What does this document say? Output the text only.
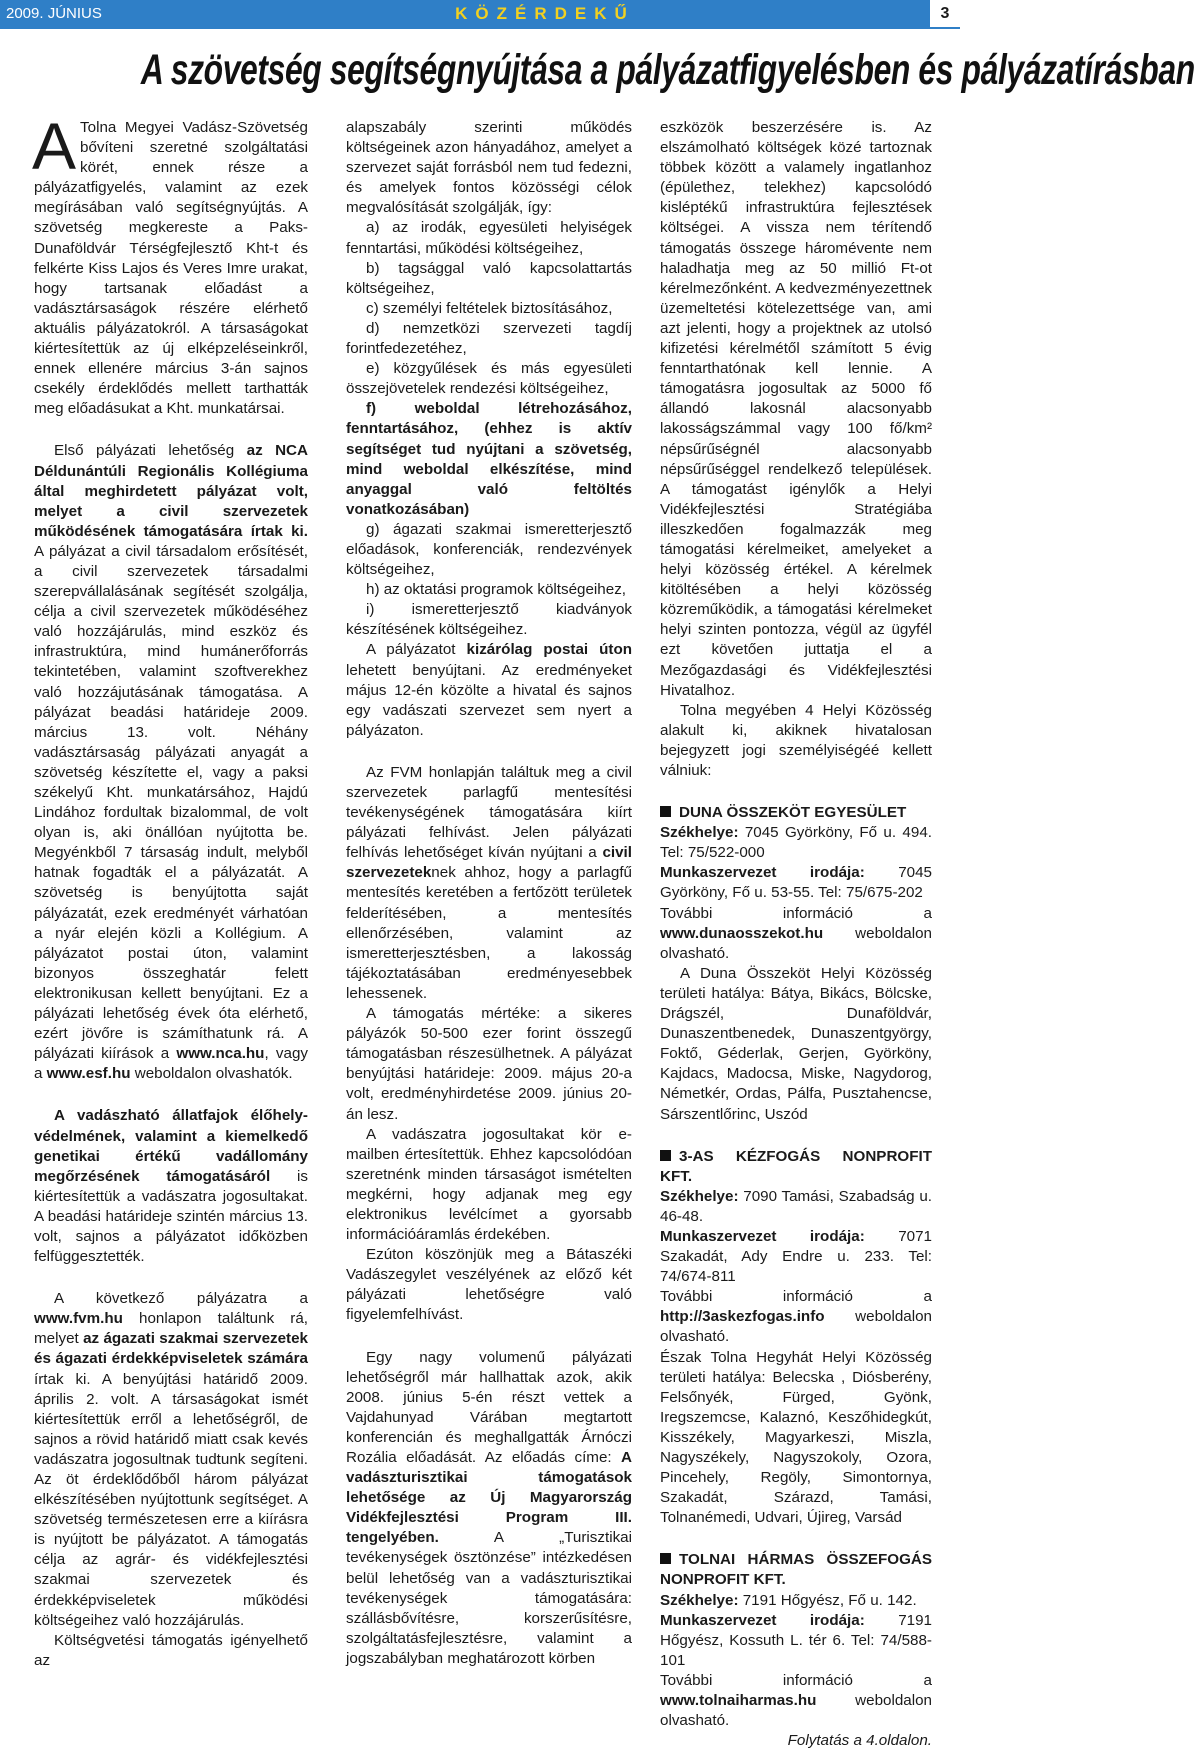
2009. JÚNIUS	KÖZÉRDEKŰ	3
A szövetség segítségnyújtása a pályázatfigyelésben és pályázatírásban

A Tolna Megyei Vadász-Szövetség bővíteni szeretné szolgáltatási körét, ennek része a pályázatfigyelés, valamint az ezek megírásában való segítségnyújtás. A szövetség megkereste a Paks-Dunaföldvár Térségfejlesztő Kht-t és felkérte Kiss Lajos és Veres Imre urakat, hogy tartsanak előadást a vadásztársaságok részére elérhető aktuális pályázatokról. A társaságokat kiértesítettük az új elképzeléseinkről, ennek ellenére március 3-án sajnos csekély érdeklődés mellett tarthatták meg előadásukat a Kht. munkatársai.

Első pályázati lehetőség az NCA Déldunántúli Regionális Kollégiuma által meghirdetett pályázat volt, melyet a civil szervezetek működésének támogatására írtak ki. A pályázat a civil társadalom erősítését, a civil szervezetek társadalmi szerepvállalásának segítését szolgálja, célja a civil szervezetek működéséhez való hozzájárulás, mind eszköz és infrastruktúra, mind humánerőforrás tekintetében, valamint szoftverekhez való hozzájutásának támogatása. A pályázat beadási határideje 2009. március 13. volt. Néhány vadásztársaság pályázati anyagát a szövetség készítette el, vagy a paksi székelyű Kht. munkatársához, Hajdú Lindához fordultak bizalommal, de volt olyan is, aki önállóan nyújtotta be. Megyénkből 7 társaság indult, melyből hatnak fogadták el a pályázatát. A szövetség is benyújtotta saját pályázatát, ezek eredményét várhatóan a nyár elején közli a Kollégium. A pályázatot postai úton, valamint bizonyos összeghatár felett elektronikusan kellett benyújtani. Ez a pályázati lehetőség évek óta elérhető, ezért jövőre is számíthatunk rá. A pályázati kiírások a www.nca.hu, vagy a www.esf.hu weboldalon olvashatók.

A vadászható állatfajok élőhely-védelmének, valamint a kiemelkedő genetikai értékű vadállomány megőrzésének támogatásáról is kiértesítettük a vadászatra jogosultakat. A beadási határideje szintén március 13. volt, sajnos a pályázatot időközben felfüggesztették.

A következő pályázatra a www.fvm.hu honlapon találtunk rá, melyet az ágazati szakmai szervezetek és ágazati érdekképviseletek számára írtak ki. A benyújtási határidő 2009. április 2. volt. A társaságokat ismét kiértesítettük erről a lehetőségről, de sajnos a rövid határidő miatt csak kevés vadászatra jogosultnak tudtunk segíteni. Az öt érdeklődőből három pályázat elkészítésében nyújtottunk segítséget. A szövetség természetesen erre a kiírásra is nyújtott be pályázatot. A támogatás célja az agrár- és vidékfejlesztési szakmai szervezetek és érdekképviseletek működési költségeihez való hozzájárulás.

Költségvetési támogatás igényelhető az

alapszabály szerinti működés költségeinek azon hányadához, amelyet a szervezet saját forrásból nem tud fedezni, és amelyek fontos közösségi célok megvalósítását szolgálják, így:

a) az irodák, egyesületi helyiségek fenntartási, működési költségeihez,

b) tagsággal való kapcsolattartás költségeihez,

c) személyi feltételek biztosításához,

d) nemzetközi szervezeti tagdíj forintfedezetéhez,

e) közgyűlések és más egyesületi összejövetelek rendezési költségeihez,

f) weboldal létrehozásához, fenntartásához, (ehhez is aktív segítséget tud nyújtani a szövetség, mind weboldal elkészítése, mind anyaggal való feltöltés vonatkozásában)

g) ágazati szakmai ismeretterjesztő előadások, konferenciák, rendezvények költségeihez,

h) az oktatási programok költségeihez,

i) ismeretterjesztő kiadványok készítésének költségeihez.

A pályázatot kizárólag postai úton lehetett benyújtani. Az eredményeket május 12-én közölte a hivatal és sajnos egy vadászati szervezet sem nyert a pályázaton.

Az FVM honlapján találtuk meg a civil szervezetek parlagfű mentesítési tevékenységének támogatására kiírt pályázati felhívást. Jelen pályázati felhívás lehetőséget kíván nyújtani a civil szervezeteknek ahhoz, hogy a parlagfű mentesítés keretében a fertőzött területek felderítésében, a mentesítés ellenőrzésében, valamint az ismeretterjesztésben, a lakosság tájékoztatásában eredményesebbek lehessenek.

A támogatás mértéke: a sikeres pályázók 50-500 ezer forint összegű támogatásban részesülhetnek. A pályázat benyújtási határideje: 2009. május 20-a volt, eredményhirdetése 2009. június 20-án lesz.

A vadászatra jogosultakat kör e-mailben értesítettük. Ehhez kapcsolódóan szeretnénk minden társaságot ismételten megkérni, hogy adjanak meg egy elektronikus levélcímet a gyorsabb információáramlás érdekében.

Ezúton köszönjük meg a Bátaszéki Vadászegylet veszélyének az előző két pályázati lehetőségre való figyelemfelhívást.

Egy nagy volumenű pályázati lehetőségről már hallhattak azok, akik 2008. június 5-én részt vettek a Vajdahunyad Várában megtartott konferencián és meghallgatták Árnóczi Rozália előadását. Az előadás címe: A vadászturisztikai támogatások lehetősége az Új Magyarország Vidékfejlesztési Program III. tengelyében. A „Turisztikai tevékenységek ösztönzése” intézkedésen belül lehetőség van a vadászturisztikai tevékenységek támogatására: szállásbővítésre, korszerűsítésre, szolgáltatásfejlesztésre, valamint a jogszabályban meghatározott körben

eszközök beszerzésére is. Az elszámolható költségek közé tartoznak többek között a valamely ingatlanhoz (épülethez, telekhez) kapcsolódó kisléptékű infrastruktúra fejlesztések költségei. A vissza nem térítendő támogatás összege háromévente nem haladhatja meg az 50 millió Ft-ot kérelmezőnként. A kedvezményezettnek üzemeltetési kötelezettsége van, ami azt jelenti, hogy a projektnek az utolsó kifizetési kérelmétől számított 5 évig fenntarthatónak kell lennie. A támogatásra jogosultak az 5000 fő állandó lakosnál alacsonyabb lakosságszámmal vagy 100 fő/km² népsűrűségnél alacsonyabb népsűrűséggel rendelkező települések. A támogatást igénylők a Helyi Vidékfejlesztési Stratégiába illeszkedően fogalmazzák meg támogatási kérelmeiket, amelyeket a helyi közösség értékel. A kérelmek kitöltésében a helyi közösség közreműködik, a támogatási kérelmeket helyi szinten pontozza, végül az ügyfél ezt követően juttatja el a Mezőgazdasági és Vidékfejlesztési Hivatalhoz.

Tolna megyében 4 Helyi Közösség alakult ki, akiknek hivatalosan bejegyzett jogi személyiségéé kellett válniuk:

DUNA ÖSSZEKÖT EGYESÜLET

Székhelye: 7045 Györköny, Fő u. 494. Tel: 75/522-000

Munkaszervezet irodája: 7045 Györköny, Fő u. 53-55. Tel: 75/675-202

További információ a www.dunaosszekot.hu weboldalon olvasható.

A Duna Összeköt Helyi Közösség területi hatálya: Bátya, Bikács, Bölcske, Drágszél, Dunaföldvár, Dunaszentbenedek, Dunaszentgyörgy, Foktő, Géderlak, Gerjen, Györköny, Kajdacs, Madocsa, Miske, Nagydorog, Németkér, Ordas, Pálfa, Pusztahencse, Sárszentlőrinc, Uszód

3-AS KÉZFOGÁS NONPROFIT KFT.

Székhelye: 7090 Tamási, Szabadság u. 46-48.

Munkaszervezet irodája: 7071 Szakadát, Ady Endre u. 233. Tel: 74/674-811

További információ a http://3askezfogas.info weboldalon olvasható.

Észak Tolna Hegyhát Helyi Közösség területi hatálya: Belecska , Diósberény, Felsőnyék, Fürged, Gyönk, Iregszemcse, Kalaznó, Keszőhidegkút, Kisszékely, Magyarkeszi, Miszla, Nagyszékely, Nagyszokoly, Ozora, Pincehely, Regöly, Simontornya, Szakadát, Szárazd, Tamási, Tolnanémedi, Udvari, Újireg, Varsád

TOLNAI HÁRMAS ÖSSZEFOGÁS NONPROFIT KFT.

Székhelye: 7191 Hőgyész, Fő u. 142.

Munkaszervezet irodája: 7191 Hőgyész, Kossuth L. tér 6. Tel: 74/588-101

További információ a www.tolnaiharmas.hu weboldalon olvasható.

Folytatás a 4.oldalon.
